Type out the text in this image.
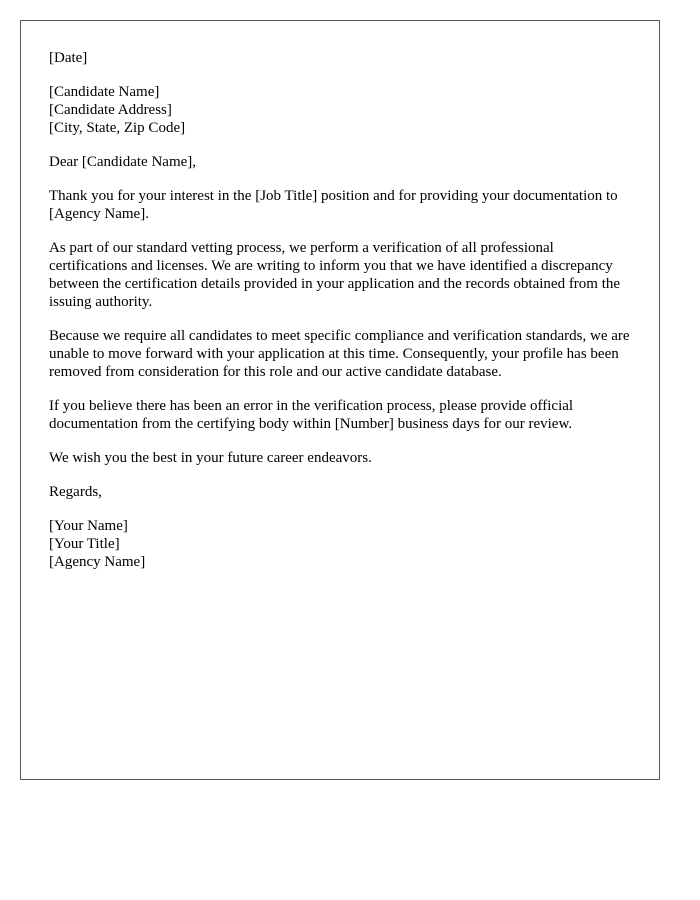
[Date]
[Candidate Name]
[Candidate Address]
[City, State, Zip Code]
Dear [Candidate Name],

Thank you for your interest in the [Job Title] position and for providing your documentation to [Agency Name].

As part of our standard vetting process, we perform a verification of all professional certifications and licenses. We are writing to inform you that we have identified a discrepancy between the certification details provided in your application and the records obtained from the issuing authority.

Because we require all candidates to meet specific compliance and verification standards, we are unable to move forward with your application at this time. Consequently, your profile has been removed from consideration for this role and our active candidate database.

If you believe there has been an error in the verification process, please provide official documentation from the certifying body within [Number] business days for our review.

We wish you the best in your future career endeavors.

Regards,
[Your Name]
[Your Title]
[Agency Name]
